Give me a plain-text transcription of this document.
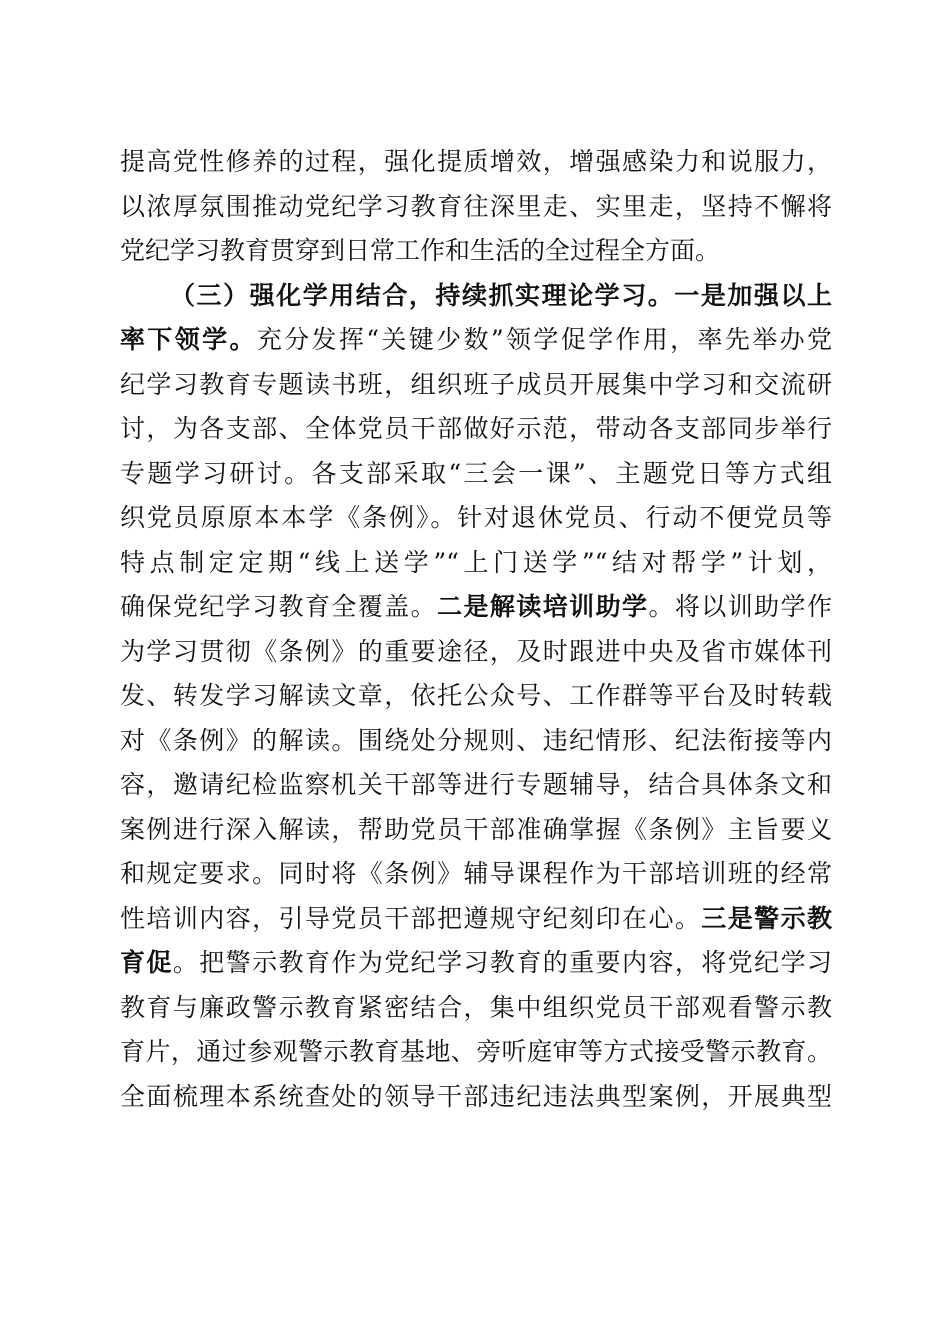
提高党性修养的过程，强化提质增效，增强感染力和说服力，
以浓厚氛围推动党纪学习教育往深里走、实里走，坚持不懈将
党纪学习教育贯穿到日常工作和生活的全过程全方面。
（三）强化学用结合，持续抓实理论学习。一是加强以上
率下领学。充分发挥“关键少数”领学促学作用，率先举办党
纪学习教育专题读书班，组织班子成员开展集中学习和交流研
讨，为各支部、全体党员干部做好示范，带动各支部同步举行
专题学习研讨。各支部采取“三会一课”、主题党日等方式组
织党员原原本本学《条例》。针对退休党员、行动不便党员等
特点制定定期“线上送学”“上门送学”“结对帮学”计划，
确保党纪学习教育全覆盖。二是解读培训助学。将以训助学作
为学习贯彻《条例》的重要途径，及时跟进中央及省市媒体刊
发、转发学习解读文章，依托公众号、工作群等平台及时转载
对《条例》的解读。围绕处分规则、违纪情形、纪法衔接等内
容，邀请纪检监察机关干部等进行专题辅导，结合具体条文和
案例进行深入解读，帮助党员干部准确掌握《条例》主旨要义
和规定要求。同时将《条例》辅导课程作为干部培训班的经常
性培训内容，引导党员干部把遵规守纪刻印在心。三是警示教
育促。把警示教育作为党纪学习教育的重要内容，将党纪学习
教育与廉政警示教育紧密结合，集中组织党员干部观看警示教
育片，通过参观警示教育基地、旁听庭审等方式接受警示教育。
全面梳理本系统查处的领导干部违纪违法典型案例，开展典型
